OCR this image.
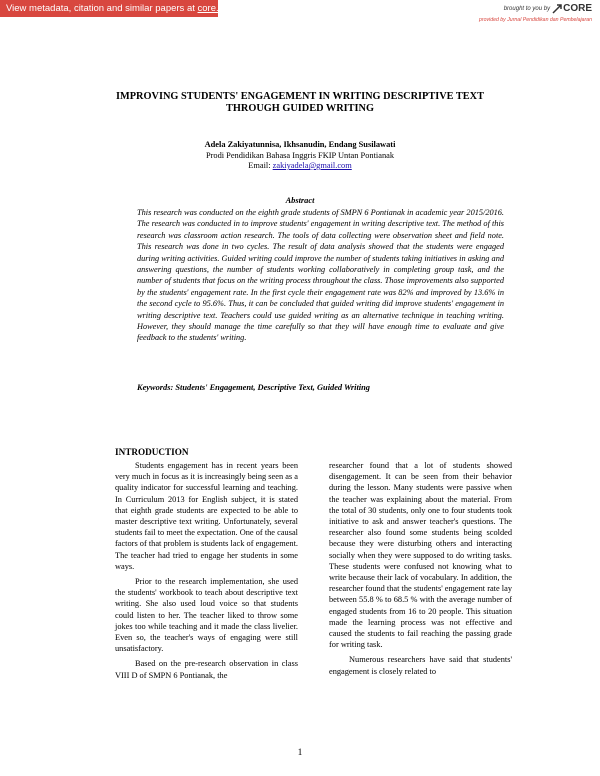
View metadata, citation and similar papers at core.ac.uk	brought to you by CORE
provided by Jurnal Pendidikan dan Pembelajaran
IMPROVING STUDENTS' ENGAGEMENT IN WRITING DESCRIPTIVE TEXT
THROUGH GUIDED WRITING
Adela Zakiyatunnisa, Ikhsanudin, Endang Susilawati
Prodi Pendidikan Bahasa Inggris FKIP Untan Pontianak
Email: zakiyadela@gmail.com
Abstract

This research was conducted on the eighth grade students of SMPN 6 Pontianak in academic year 2015/2016. The research was conducted in to improve students' engagement in writing descriptive text. The method of this research was classroom action research. The tools of data collecting were observation sheet and field note. This research was done in two cycles. The result of data analysis showed that the students were engaged during writing activities. Guided writing could improve the number of students taking initiatives in asking and answering questions, the number of students working collaboratively in completing group task, and the number of students that focus on the writing process throughout the class. Those improvements also supported by the students' engagement rate. In the first cycle their engagement rate was 82% and improved by 13.6% in the second cycle to 95.6%. Thus, it can be concluded that guided writing did improve students' engagement in writing descriptive text. Teachers could use guided writing as an alternative technique in teaching writing. However, they should manage the time carefully so that they will have enough time to evaluate and give feedback to the students' writing.

Keywords: Students' Engagement, Descriptive Text, Guided Writing
INTRODUCTION

Students engagement has in recent years been very much in focus as it is increasingly being seen as a quality indicator for successful learning and teaching. In Curriculum 2013 for English subject, it is stated that eighth grade students are expected to be able to master descriptive text writing. Unfortunately, several students fail to meet the expectation. One of the causal factors of that problem is students lack of engagement. The teacher had tried to engage her students in some ways.

Prior to the research implementation, she used the students' workbook to teach about descriptive text writing. She also used loud voice so that students could listen to her. The teacher liked to throw some jokes too while teaching and it made the class livelier. Even so, the teacher's ways of engaging were still unsatisfactory.

Based on the pre-research observation in class VIII D of SMPN 6 Pontianak, the

researcher found that a lot of students showed disengagement. It can be seen from their behavior during the lesson. Many students were passive when the teacher was explaining about the material. From the total of 30 students, only one to four students took initiative to ask and answer teacher's questions. The researcher also found some students being scolded because they were disturbing others and interacting socially when they were supposed to do writing tasks. These students were confused not knowing what to write because their lack of vocabulary. In addition, the researcher found that the students' engagement rate lay between 55.8 % to 68.5 % with the average number of engaged students from 16 to 20 people. This situation made the learning process was not effective and caused the students to fail reaching the passing grade for writing task.

Numerous researchers have said that students' engagement is closely related to

1
